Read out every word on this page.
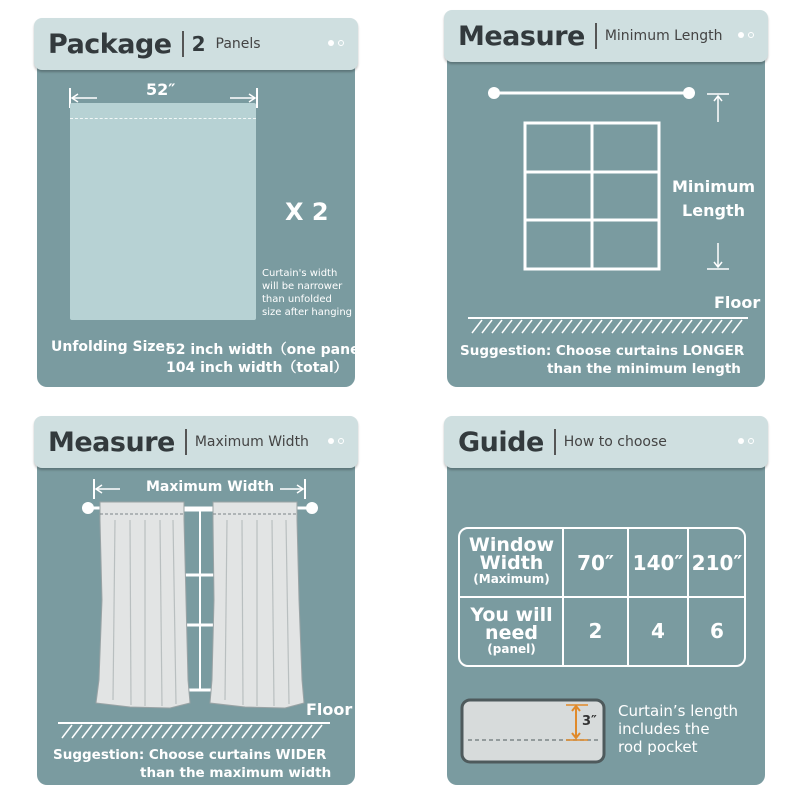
Package 2 Panels
52″
X 2
Curtain's width
will be narrower
than unfolded
size after hanging
Unfolding Size:
52 inch width（one panel）
104 inch width（total）
Measure Minimum Length
Minimum
Length
Floor
Suggestion: Choose curtains LONGER
than the minimum length
Measure Maximum Width
Maximum Width
Floor
Suggestion: Choose curtains WIDER
than the maximum width
Guide How to choose
Window
Width
(Maximum)
You will
need
(panel)
70″ 140″ 210″
2	4	6
3″
Curtain’s length
includes the
rod pocket
